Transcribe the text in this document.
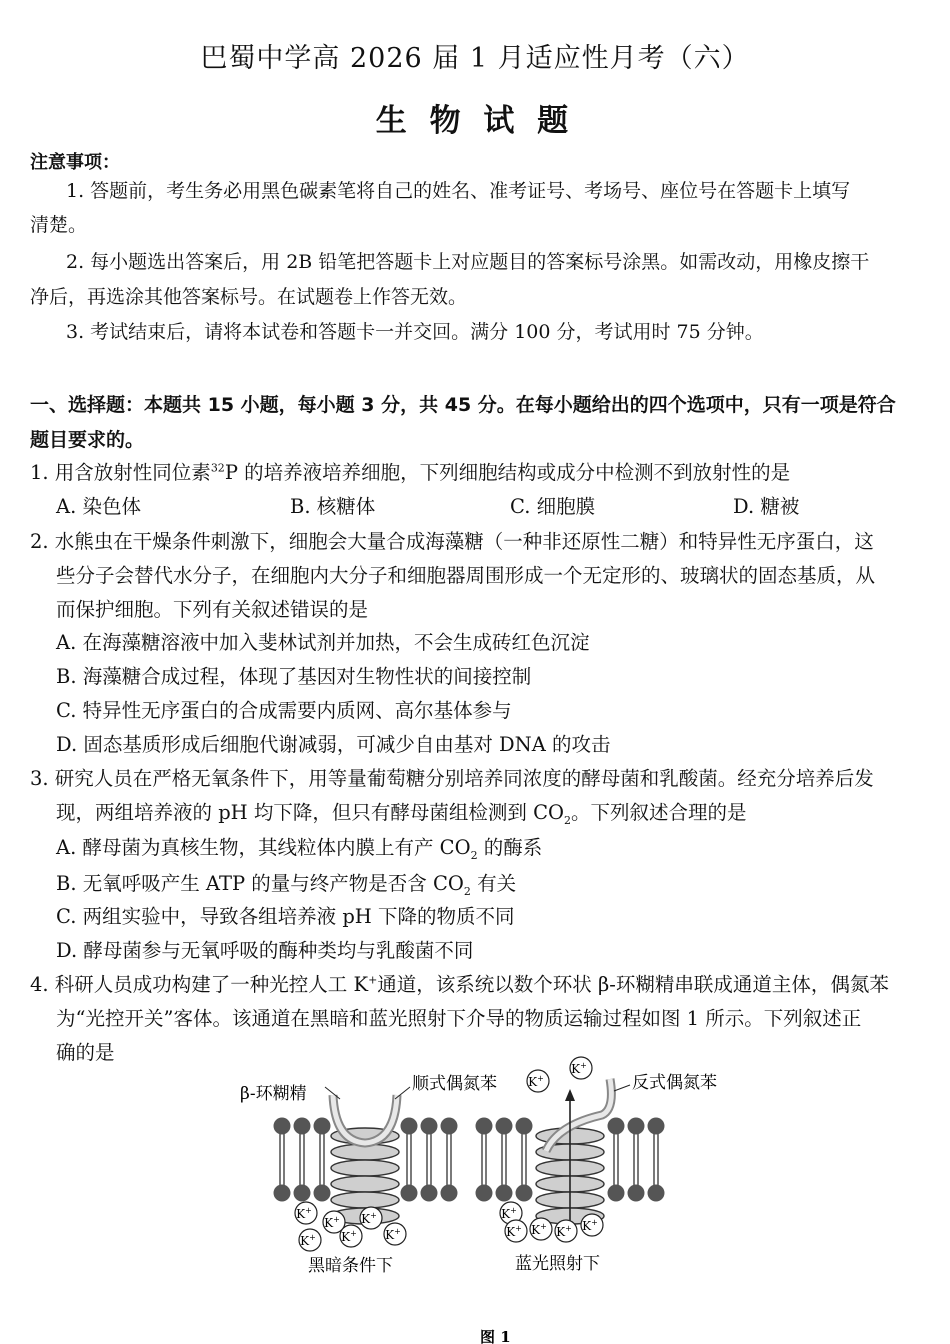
巴蜀中学高 2026 届 1 月适应性月考（六）
生 物 试 题
注意事项：
1. 答题前，考生务必用黑色碳素笔将自己的姓名、准考证号、考场号、座位号在答题卡上填写
清楚。
2. 每小题选出答案后，用 2B 铅笔把答题卡上对应题目的答案标号涂黑。如需改动，用橡皮擦干
净后，再选涂其他答案标号。在试题卷上作答无效。
3. 考试结束后，请将本试卷和答题卡一并交回。满分 100 分，考试用时 75 分钟。
一、选择题：本题共 15 小题，每小题 3 分，共 45 分。在每小题给出的四个选项中，只有一项是符合
题目要求的。
1. 用含放射性同位素$^{32}$P 的培养液培养细胞，下列细胞结构或成分中检测不到放射性的是
A. 染色体	B. 核糖体	C. 细胞膜	D. 糖被
2. 水熊虫在干燥条件刺激下，细胞会大量合成海藻糖（一种非还原性二糖）和特异性无序蛋白，这
些分子会替代水分子，在细胞内大分子和细胞器周围形成一个无定形的、玻璃状的固态基质，从
而保护细胞。下列有关叙述错误的是
A. 在海藻糖溶液中加入斐林试剂并加热，不会生成砖红色沉淀
B. 海藻糖合成过程，体现了基因对生物性状的间接控制
C. 特异性无序蛋白的合成需要内质网、高尔基体参与
D. 固态基质形成后细胞代谢减弱，可减少自由基对 DNA 的攻击
3. 研究人员在严格无氧条件下，用等量葡萄糖分别培养同浓度的酵母菌和乳酸菌。经充分培养后发
现，两组培养液的 pH 均下降，但只有酵母菌组检测到 $CO_2$。下列叙述合理的是
A. 酵母菌为真核生物，其线粒体内膜上有产 $CO_2$ 的酶系
B. 无氧呼吸产生 ATP 的量与终产物是否含 $CO_2$ 有关
C. 两组实验中，导致各组培养液 pH 下降的物质不同
D. 酵母菌参与无氧呼吸的酶种类均与乳酸菌不同
4. 科研人员成功构建了一种光控人工 K+通道，该系统以数个环状 β-环糊精串联成通道主体，偶氮苯
为“光控开关”客体。该通道在黑暗和蓝光照射下介导的物质运输过程如图 1 所示。下列叙述正
确的是
β-环糊精	顺式偶氮苯	反式偶氮苯
K+
K+
K+
K+ K+
K+ K+ K+
K+
K+ K+ K+ K+
黑暗条件下	蓝光照射下
图 1
